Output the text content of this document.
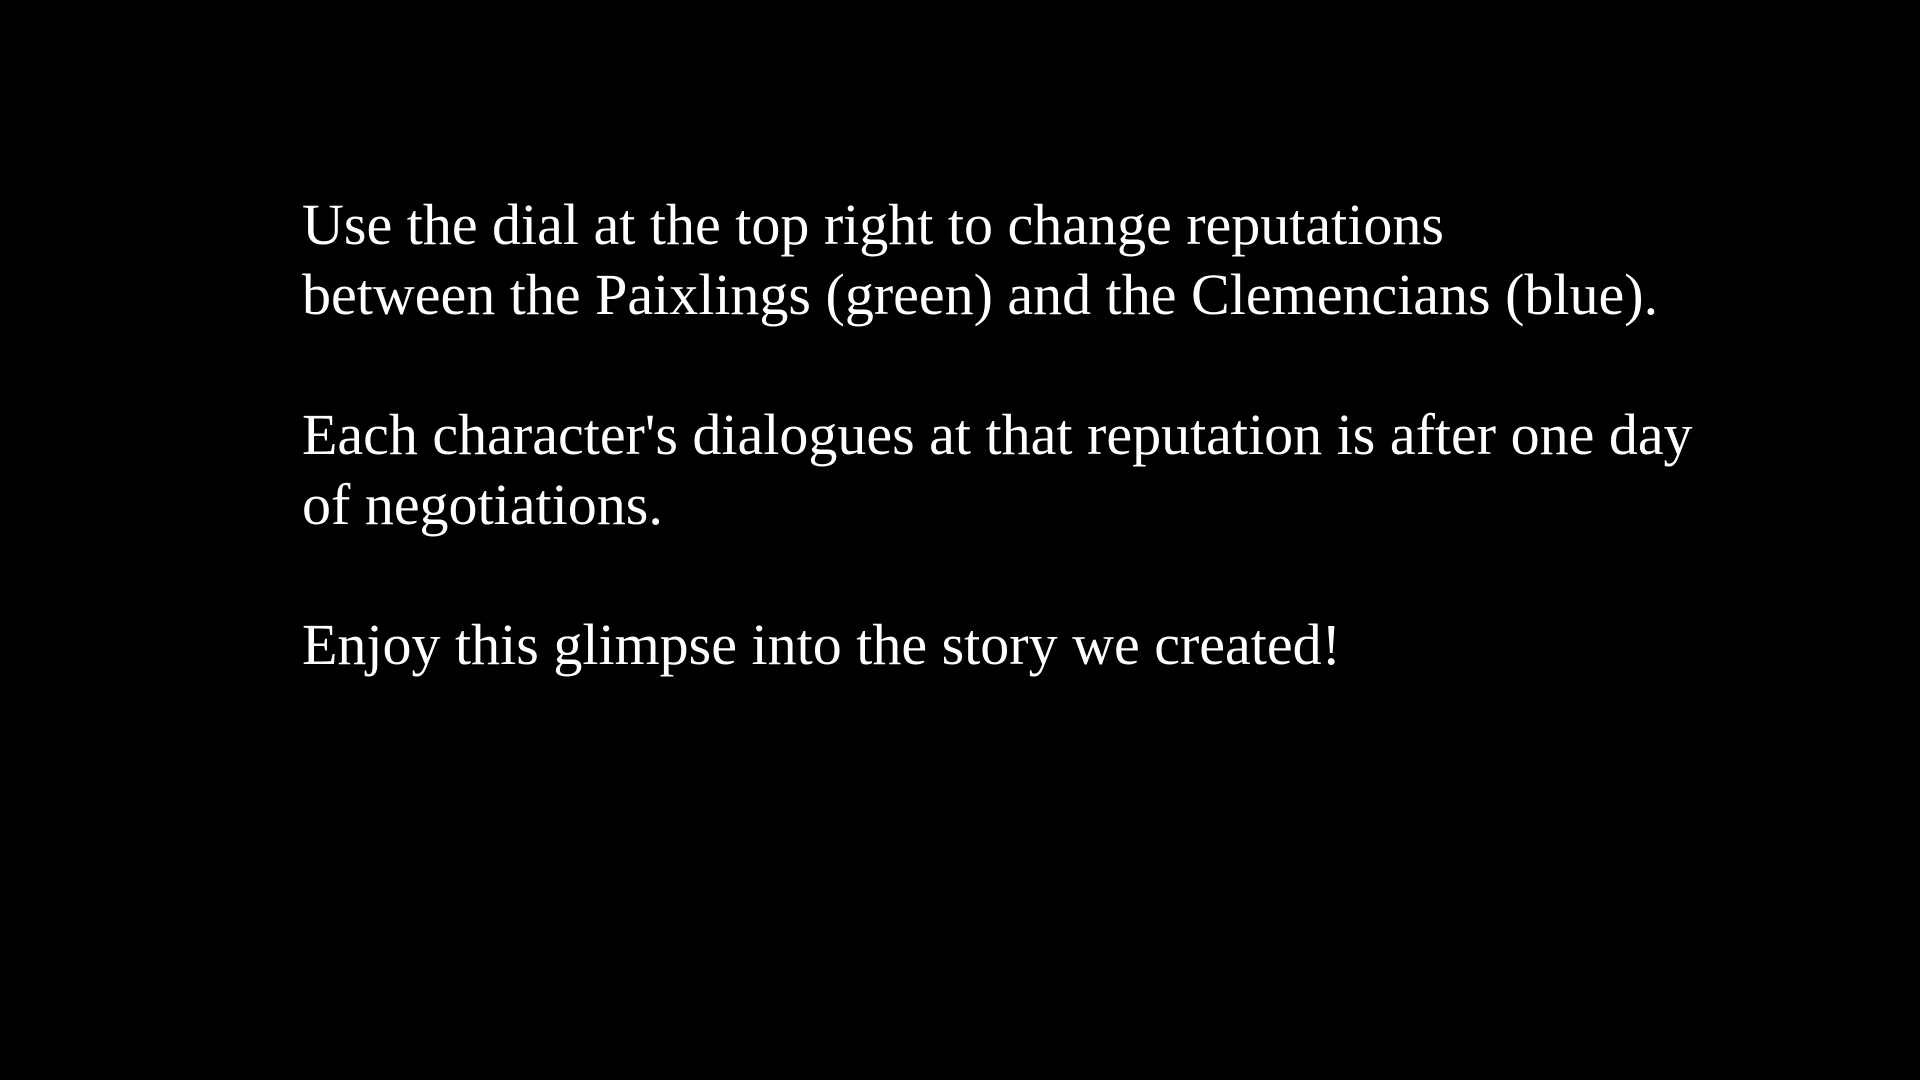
Use the dial at the top right to change reputations
between the Paixlings (green) and the Clemencians (blue).

Each character's dialogues at that reputation is after one day
of negotiations.

Enjoy this glimpse into the story we created!
